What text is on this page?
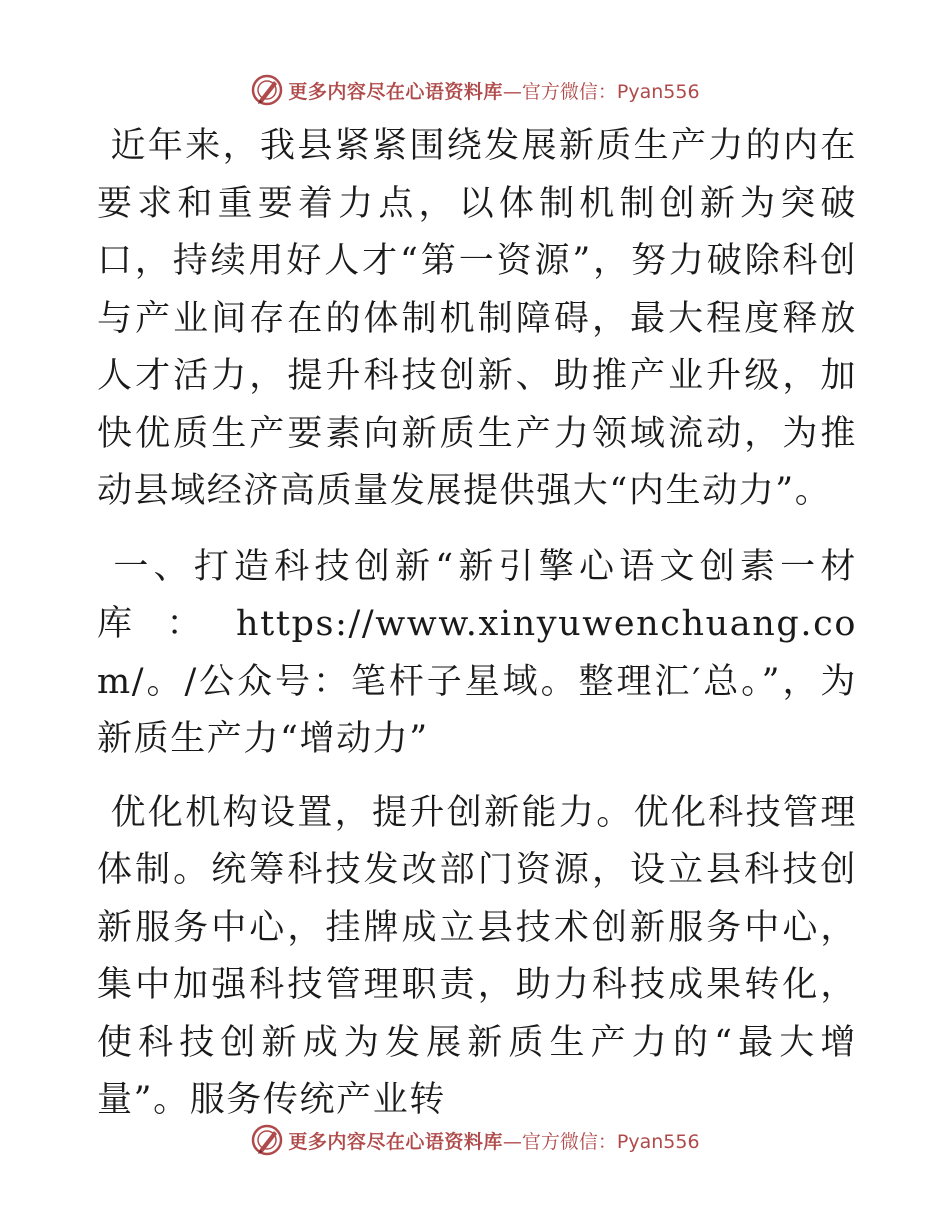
更多内容尽在心语资料库 —官方微信：Pyan556

近年来，我县紧紧围绕发展新质生产力的内在要求和重要着力点，以体制机制创新为突破口，持续用好人才“第一资源”，努力破除科创与产业间存在的体制机制障碍，最大程度释放人才活力，提升科技创新、助推产业升级，加快优质生产要素向新质生产力领域流动，为推动县域经济高质量发展提供强大“内生动力”。

一、打造科技创新“新引擎心语文创素一材库：https://www.xinyuwenchuang.com/。/公众号：笔杆子星域。整理汇′总。”，为新质生产力“增动力”

优化机构设置，提升创新能力。优化科技管理体制。统筹科技发改部门资源，设立县科技创新服务中心，挂牌成立县技术创新服务中心，集中加强科技管理职责，助力科技成果转化，使科技创新成为发展新质生产力的“最大增量”。服务传统产业转

更多内容尽在心语资料库 —官方微信：Pyan556
